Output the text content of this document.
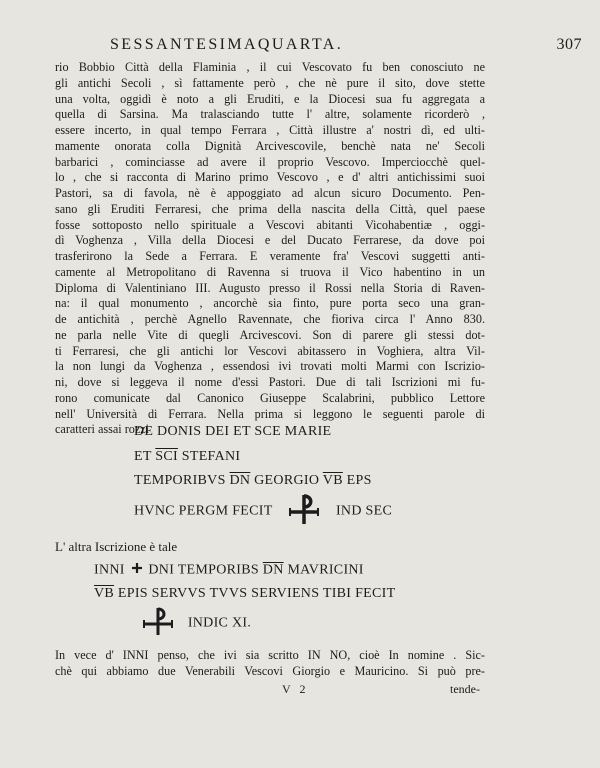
SESSANTESIMAQUARTA.	307
rio Bobbio Città della Flaminia , il cui Vescovato fu ben conosciuto ne
gli antichi Secoli , sì fattamente però , che nè pure il sito, dove stette
una volta, oggidì è noto a gli Eruditi, e la Diocesi sua fu aggregata a
quella di Sarsina. Ma tralasciando tutte l' altre, solamente ricorderò ,
essere incerto, in qual tempo Ferrara , Città illustre a' nostri dì, ed ulti-
mamente onorata colla Dignità Arcivescovile, benchè nata ne' Secoli
barbarici , cominciasse ad avere il proprio Vescovo. Imperciocchè quel-
lo , che si racconta di Marino primo Vescovo , e d' altri antichissimi suoi
Pastori, sa di favola, nè è appoggiato ad alcun sicuro Documento. Pen-
sano gli Eruditi Ferraresi, che prima della nascita della Città, quel paese
fosse sottoposto nello spirituale a Vescovi abitanti Vicohabentiæ , oggi-
dì Voghenza , Villa della Diocesi e del Ducato Ferrarese, da dove poi
trasferirono la Sede a Ferrara. E veramente fra' Vescovi suggetti anti-
camente al Metropolitano di Ravenna si truova il Vico habentino in un
Diploma di Valentiniano III. Augusto presso il Rossi nella Storia di Raven-
na: il qual monumento , ancorchè sia finto, pure porta seco una gran-
de antichità , perchè Agnello Ravennate, che fioriva circa l' Anno 830.
ne parla nelle Vite di quegli Arcivescovi. Son di parere gli stessi dot-
ti Ferraresi, che gli antichi lor Vescovi abitassero in Voghiera, altra Vil-
la non lungi da Voghenza , essendosi ivi trovati molti Marmi con Iscrizio-
ni, dove si leggeva il nome d'essi Pastori. Due di tali Iscrizioni mi fu-
rono comunicate dal Canonico Giuseppe Scalabrini, pubblico Lettore
nell' Università di Ferrara. Nella prima si leggono le seguenti parole di
caratteri assai rozzi
DE DONIS DEI ET SCE MARIE
ET $\overline{SCI}$ STEFANI
TEMPORIBVS $\overline{DN}$ GEORGIO $\overline{VB}$ EPS
HVNC PERGM FECIT	IND SEC
L' altra Iscrizione è tale
INNI DNI TEMPORIBS $\overline{DN}$ MAVRICINI
$\overline{VB}$ EPIS SERVVS TVVS SERVIENS TIBI FECIT
INDIC XI.
In vece d' INNI penso, che ivi sia scritto IN NO, cioè In nomine . Sic-
chè qui abbiamo due Venerabili Vescovi Giorgio e Mauricino. Si può pre-
V 2	tende-
